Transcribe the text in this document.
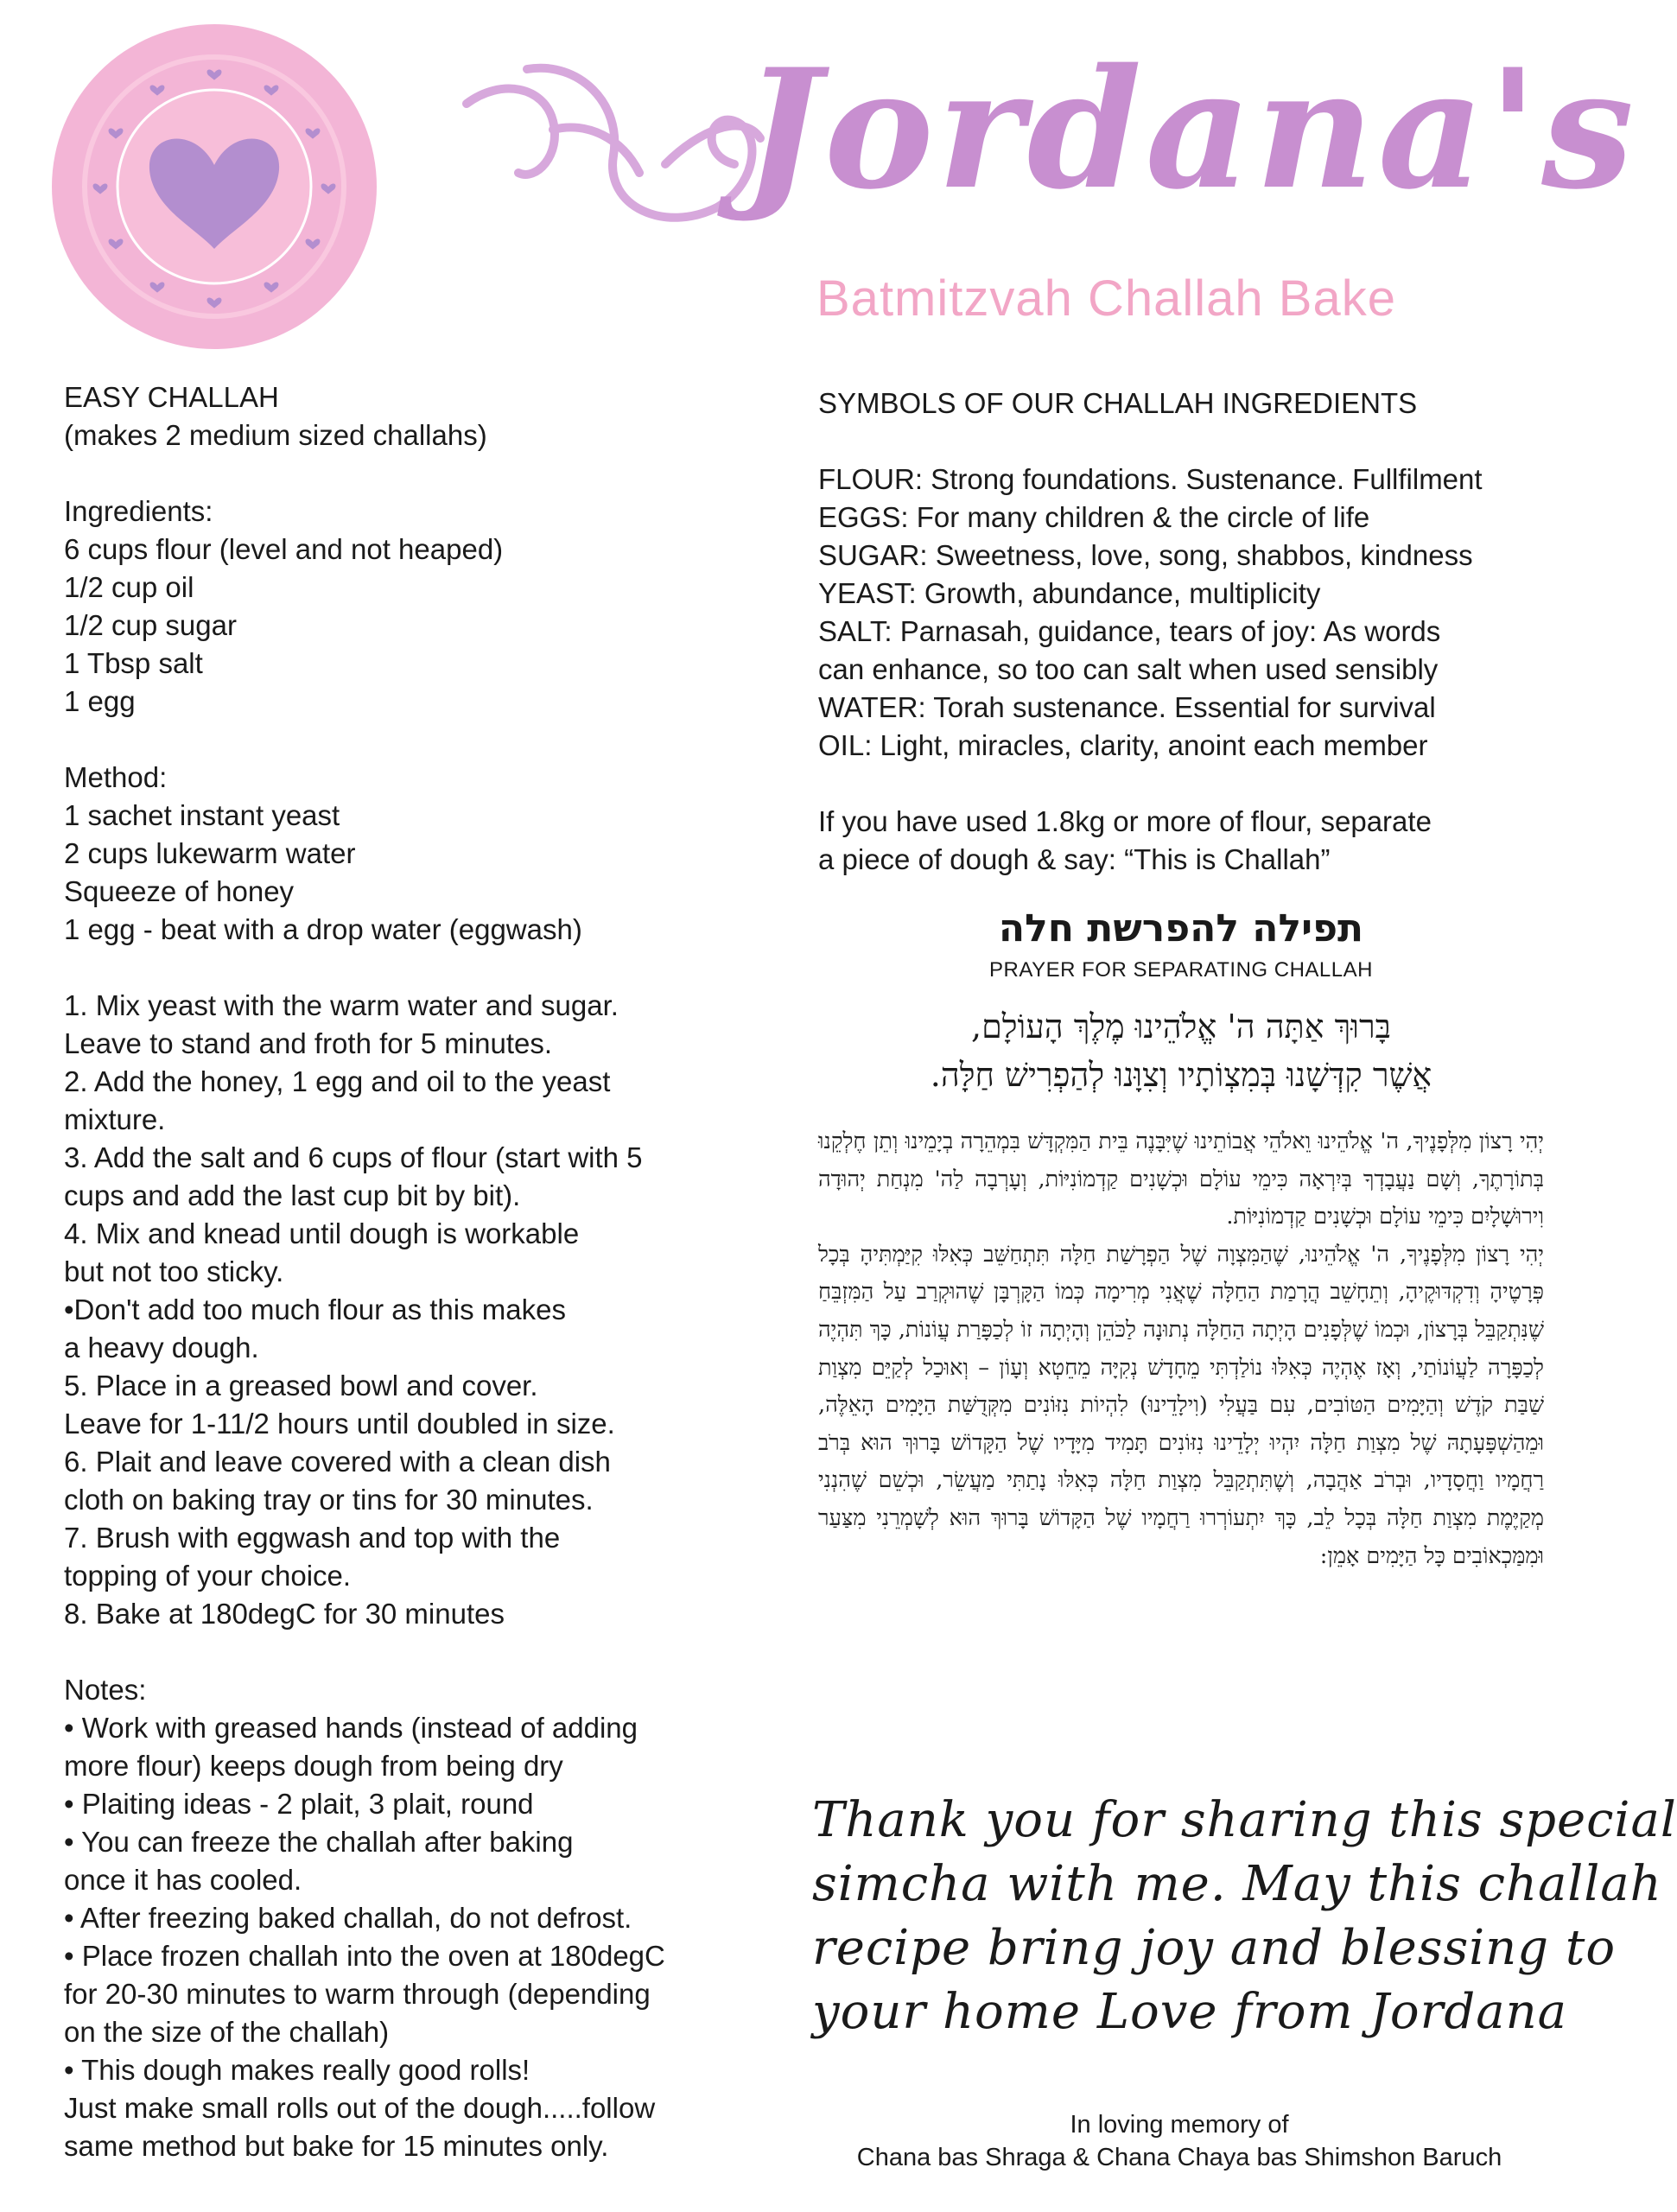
Jordana's
Batmitzvah Challah Bake

EASY CHALLAH

(makes 2 medium sized challahs)

Ingredients:

6 cups flour (level and not heaped)

1/2 cup oil

1/2 cup sugar

1 Tbsp salt

1 egg

Method:

1 sachet instant yeast

2 cups lukewarm water

Squeeze of honey

1 egg - beat with a drop water (eggwash)

1. Mix yeast with the warm water and sugar.

Leave to stand and froth for 5 minutes.

2. Add the honey, 1 egg and oil to the yeast

mixture.

3. Add the salt and 6 cups of flour (start with 5

cups and add the last cup bit by bit).

4. Mix and knead until dough is workable

but not too sticky.

•Don't add too much flour as this makes

a heavy dough.

5. Place in a greased bowl and cover.

Leave for 1-11/2 hours until doubled in size.

6. Plait and leave covered with a clean dish

cloth on baking tray or tins for 30 minutes.

7. Brush with eggwash and top with the

topping of your choice.

8. Bake at 180degC for 30 minutes

Notes:

• Work with greased hands (instead of adding

more flour) keeps dough from being dry

• Plaiting ideas - 2 plait, 3 plait, round

• You can freeze the challah after baking

once it has cooled.

• After freezing baked challah, do not defrost.

• Place frozen challah into the oven at 180degC

for 20-30 minutes to warm through (depending

on the size of the challah)

• This dough makes really good rolls!

Just make small rolls out of the dough.....follow

same method but bake for 15 minutes only.

SYMBOLS OF OUR CHALLAH INGREDIENTS

FLOUR: Strong foundations. Sustenance. Fullfilment

EGGS: For many children & the circle of life

SUGAR: Sweetness, love, song, shabbos, kindness

YEAST: Growth, abundance, multiplicity

SALT: Parnasah, guidance, tears of joy: As words

can enhance, so too can salt when used sensibly

WATER: Torah sustenance. Essential for survival

OIL: Light, miracles, clarity, anoint each member

If you have used 1.8kg or more of flour, separate

a piece of dough & say: “This is Challah”

תפילה להפרשת חלה
PRAYER FOR SEPARATING CHALLAH

בָּרוּךְ אַתָּה ה' אֱלֹהֵינוּ מֶלֶךְ הָעוֹלָם,

אֲשֶׁר קִדְּשָׁנוּ בְּמִצְוֹתָיו וְצִוָּנוּ לְהַפְרִישׁ חַלָּה.

יְהִי רָצוֹן מִלְּפָנֶיךָ, ה' אֱלֹהֵינוּ וֵאלֹהֵי אֲבוֹתֵינוּ שֶׁיִּבָּנֶה בֵּית הַמִּקְדָּשׁ בִּמְהֵרָה בְיָמֵינוּ וְתֵן חֶלְקֵנוּ בְּתוֹרָתֶךָ, וְשָׁם נַעֲבָדְךָ בְּיִרְאָה כִּימֵי עוֹלָם וּכְשָׁנִים קַדְמוֹנִיּוֹת, וְעָרְבָה לַה' מִנְחַת יְהוּדָה וִירוּשָׁלָיִם כִּימֵי עוֹלָם וּכְשָׁנִים קַדְמוֹנִיּוֹת.

יְהִי רָצוֹן מִלְּפָנֶיךָ, ה' אֱלֹהֵינוּ, שֶׁהַמִּצְוָה שֶׁל הַפְרָשַׁת חַלָּה תִּתְחַשֵּׁב כְּאִלּוּ קִיַּמְתִּיהָ בְּכָל פְּרָטֶיהָ וְדִקְדּוּקֶיהָ, וְתֵחָשֵׁב הֲרָמַת הַחַלָּה שֶׁאֲנִי מְרִימָה כְּמוֹ הַקָּרְבָּן שֶׁהוּקְרַב עַל הַמִּזְבֵּחַ שֶׁנִּתְקַבֵּל בְּרָצוֹן, וּכְמוֹ שֶׁלְּפָנִים הָיְתָה הַחַלָּה נְתוּנָה לַכֹּהֵן וְהָיְתָה זוֹ לְכַפָּרַת עֲוֹנוֹת, כָּךְ תִּהְיֶה לְכַפָּרָה לַעֲוֹנוֹתַי, וְאָז אֶהְיֶה כְּאִלּוּ נוֹלַדְתִּי מֵחָדָשׁ נְקִיָּה מֵחֵטְא וְעָוֹן – וְאוּכַל לְקַיֵּם מִצְוַת שַׁבַּת קֹדֶשׁ וְהַיָּמִים הַטּוֹבִים, עִם בַּעֲלִי (וִילָדֵינוּ) לִהְיוֹת נִזּוֹנִים מִקְּדֻשַּׁת הַיָּמִים הָאֵלֶּה, וּמֵהַשְׁפָּעָתָהּ שֶׁל מִצְוַת חַלָּה יִהְיוּ יְלָדֵינוּ נִזּוֹנִים תָּמִיד מִיָּדָיו שֶׁל הַקָּדוֹשׁ בָּרוּךְ הוּא בְּרֹב רַחֲמָיו וַחֲסָדָיו, וּבְרֹב אַהֲבָה, וְשֶׁתִּתְקַבֵּל מִצְוַת חַלָּה כְּאִלּוּ נָתַתִּי מַעֲשֵׂר, וּכְשֵׁם שֶׁהִנְנִי מְקַיֶּמֶת מִצְוַת חַלָּה בְּכָל לֵב, כָּךְ יִתְעוֹרְרוּ רַחֲמָיו שֶׁל הַקָּדוֹשׁ בָּרוּךְ הוּא לְשָׁמְרֵנִי מִצַּעַר וּמִמַּכְאוֹבִים כָּל הַיָּמִים אָמֵן:

Thank you for sharing this special

simcha with me. May this challah

recipe bring joy and blessing to

your home Love from Jordana

In loving memory of

Chana bas Shraga & Chana Chaya bas Shimshon Baruch
